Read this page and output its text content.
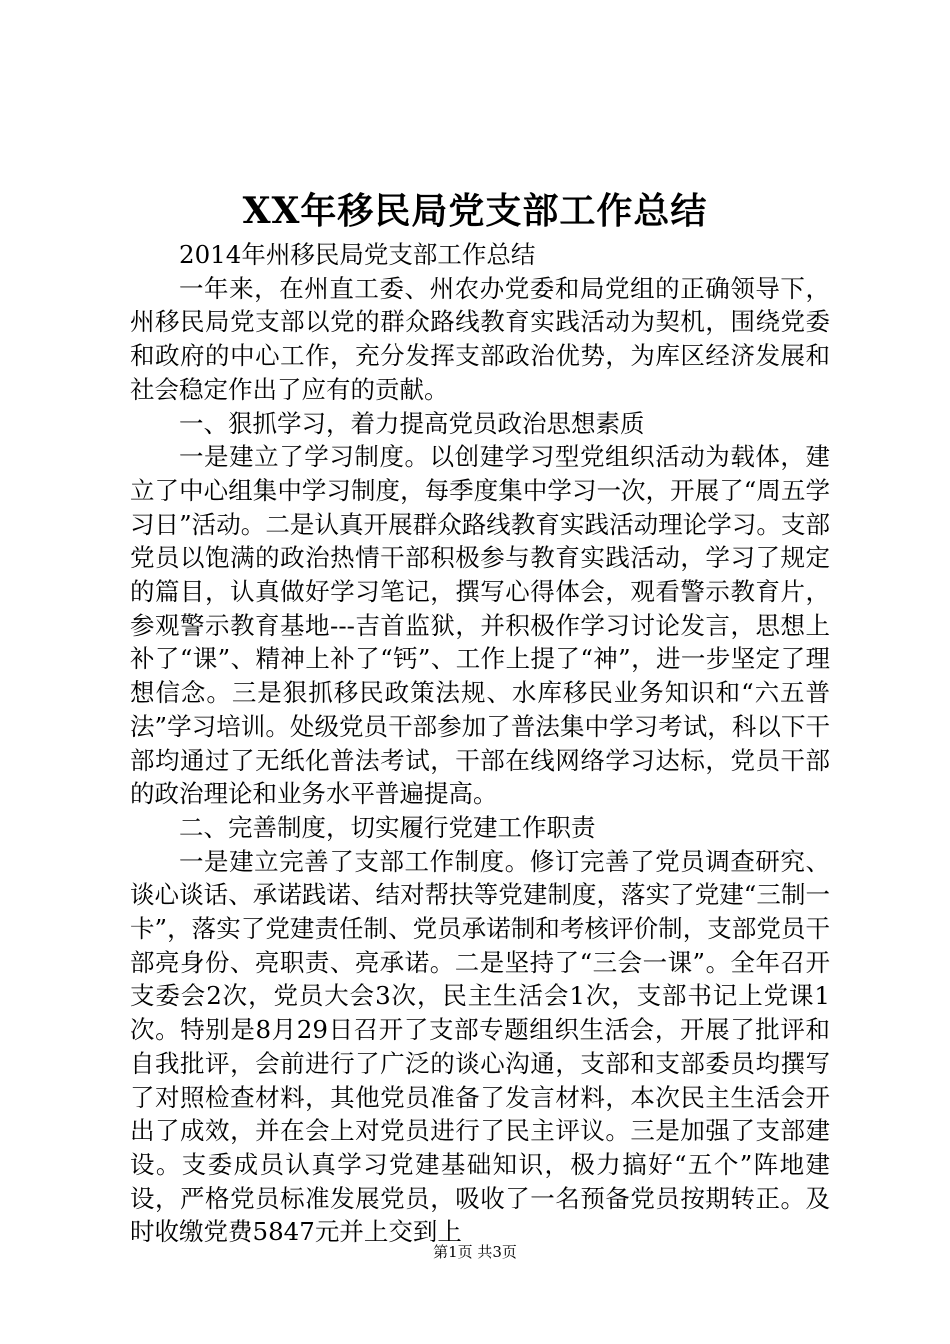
XX年移民局党支部工作总结

2014年州移民局党支部工作总结

一年来，在州直工委、州农办党委和局党组的正确领导下，州移民局党支部以党的群众路线教育实践活动为契机，围绕党委和政府的中心工作，充分发挥支部政治优势，为库区经济发展和社会稳定作出了应有的贡献。

一、狠抓学习，着力提高党员政治思想素质

一是建立了学习制度。以创建学习型党组织活动为载体，建立了中心组集中学习制度，每季度集中学习一次，开展了“周五学习日”活动。二是认真开展群众路线教育实践活动理论学习。支部党员以饱满的政治热情干部积极参与教育实践活动，学习了规定的篇目，认真做好学习笔记，撰写心得体会，观看警示教育片，参观警示教育基地---吉首监狱，并积极作学习讨论发言，思想上补了“课”、精神上补了“钙”、工作上提了“神”，进一步坚定了理想信念。三是狠抓移民政策法规、水库移民业务知识和“六五普法”学习培训。处级党员干部参加了普法集中学习考试，科以下干部均通过了无纸化普法考试，干部在线网络学习达标，党员干部的政治理论和业务水平普遍提高。

二、完善制度，切实履行党建工作职责

一是建立完善了支部工作制度。修订完善了党员调查研究、谈心谈话、承诺践诺、结对帮扶等党建制度，落实了党建“三制一卡”，落实了党建责任制、党员承诺制和考核评价制，支部党员干部亮身份、亮职责、亮承诺。二是坚持了“三会一课”。全年召开支委会2次，党员大会3次，民主生活会1次，支部书记上党课1次。特别是8月29日召开了支部专题组织生活会，开展了批评和自我批评，会前进行了广泛的谈心沟通，支部和支部委员均撰写了对照检查材料，其他党员准备了发言材料，本次民主生活会开出了成效，并在会上对党员进行了民主评议。三是加强了支部建设。支委成员认真学习党建基础知识，极力搞好“五个”阵地建设，严格党员标准发展党员，吸收了一名预备党员按期转正。及时收缴党费5847元并上交到上

第1页 共3页
